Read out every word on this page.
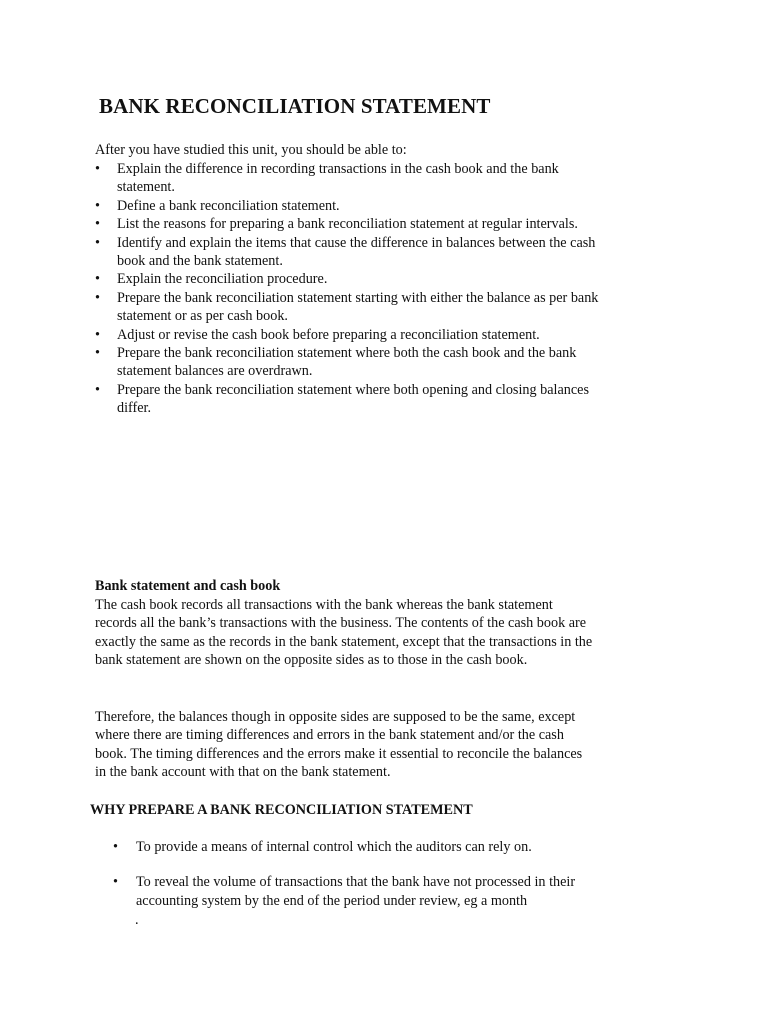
BANK RECONCILIATION STATEMENT

After you have studied this unit, you should be able to:

• Explain the difference in recording transactions in the cash book and the bank statement.
• Define a bank reconciliation statement.
• List the reasons for preparing a bank reconciliation statement at regular intervals.
• Identify and explain the items that cause the difference in balances between the cash book and the bank statement.
• Explain the reconciliation procedure.
• Prepare the bank reconciliation statement starting with either the balance as per bank statement or as per cash book.
• Adjust or revise the cash book before preparing a reconciliation statement.
• Prepare the bank reconciliation statement where both the cash book and the bank statement balances are overdrawn.
• Prepare the bank reconciliation statement where both opening and closing balances differ.
Bank statement and cash book

The cash book records all transactions with the bank whereas the bank statement records all the bank’s transactions with the business. The contents of the cash book are exactly the same as the records in the bank statement, except that the transactions in the bank statement are shown on the opposite sides as to those in the cash book.

Therefore, the balances though in opposite sides are supposed to be the same, except where there are timing differences and errors in the bank statement and/or the cash book. The timing differences and the errors make it essential to reconcile the balances in the bank account with that on the bank statement.

WHY PREPARE A BANK RECONCILIATION STATEMENT
• To provide a means of internal control which the auditors can rely on.
• To reveal the volume of transactions that the bank have not processed in their accounting system by the end of the period under review, eg a month

.
